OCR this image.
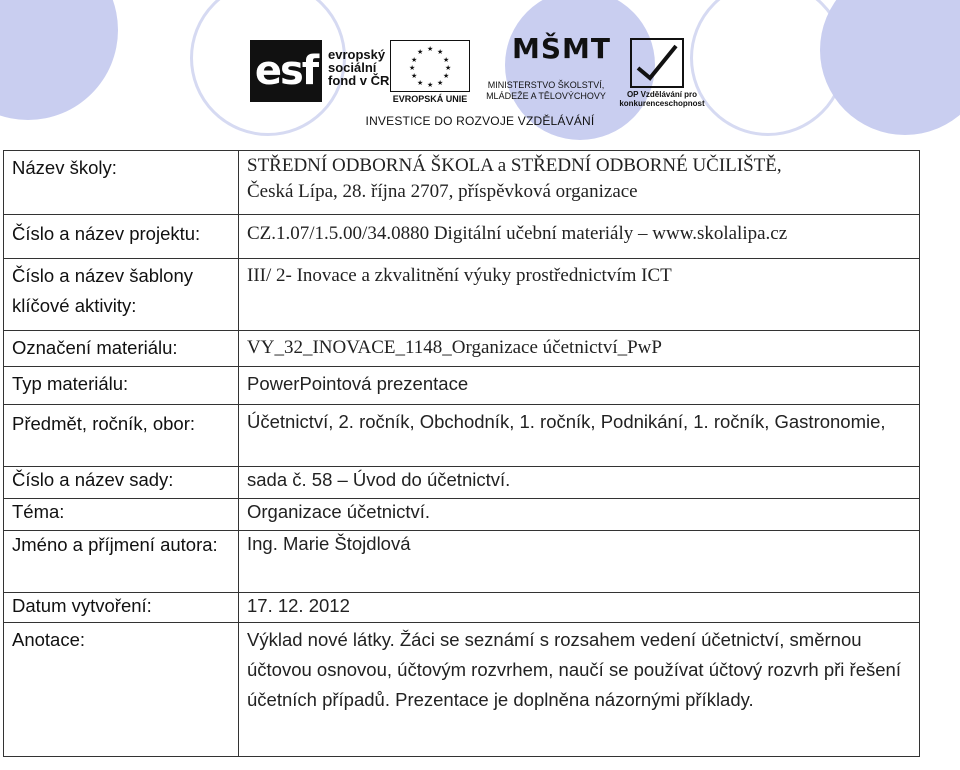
esf evropský sociální fond v ČR
★ ★
★
★
★
★
★
★
★
★
★
★
EVROPSKÁ UNIE
MŠMT
MINISTERSTVO ŠKOLSTVÍ, MLÁDEŽE A TĚLOVÝCHOVY	OP Vzdělávání pro konkurenceschopnost
INVESTICE DO ROZVOJE VZDĚLÁVÁNÍ
Název školy:	STŘEDNÍ ODBORNÁ ŠKOLA a STŘEDNÍ ODBORNÉ UČILIŠTĚ,
Česká Lípa, 28. října 2707, příspěvková organizace

Číslo a název projektu:	CZ.1.07/1.5.00/34.0880 Digitální učební materiály – www.skolalipa.cz

Číslo a název šablony klíčové aktivity:	III/ 2- Inovace a zkvalitnění výuky prostřednictvím ICT

Označení materiálu:	VY_32_INOVACE_1148_Organizace účetnictví_PwP

Typ materiálu:	PowerPointová prezentace

Předmět, ročník, obor:	Účetnictví, 2. ročník, Obchodník, 1. ročník, Podnikání, 1. ročník, Gastronomie,
Číslo a název sady:	sada č. 58 – Úvod do účetnictví.
Téma:	Organizace účetnictví.
Jméno a příjmení autora:	Ing. Marie Štojdlová
Datum vytvoření:	17. 12. 2012

Anotace:	Výklad nové látky. Žáci se seznámí s rozsahem vedení účetnictví, směrnou účtovou osnovou, účtovým rozvrhem, naučí se používat účtový rozvrh při řešení účetních případů. Prezentace je doplněna názornými příklady.
